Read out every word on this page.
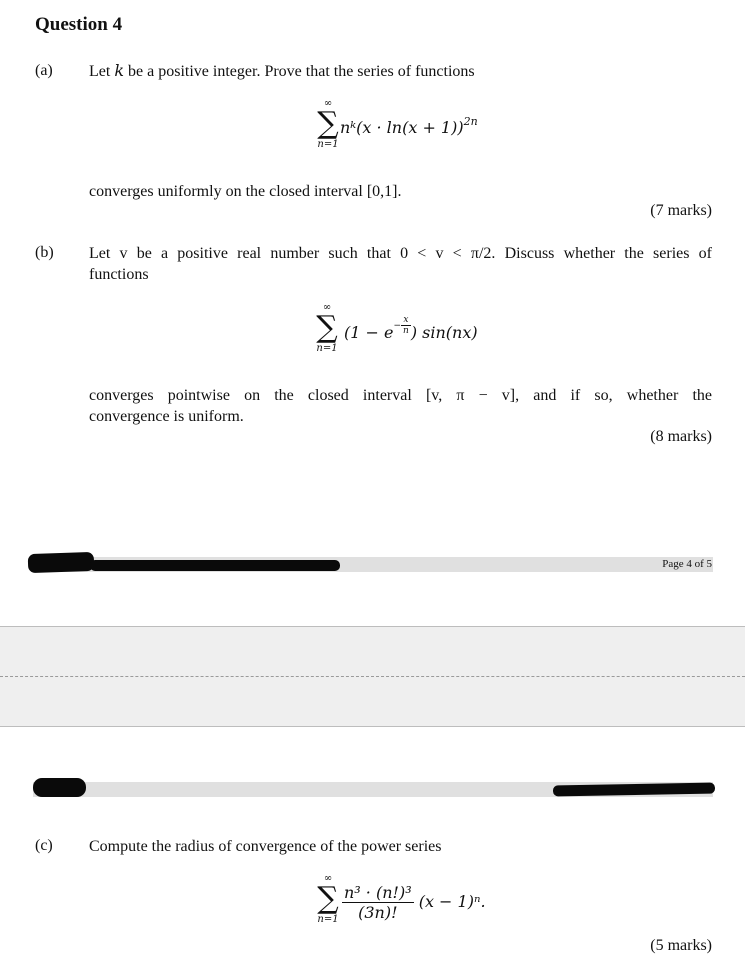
Question 4
(a) Let k be a positive integer. Prove that the series of functions
∞
∑
n=1
nᵏ(x · ln(x + 1))$^{2n}$
converges uniformly on the closed interval [0,1].
(7 marks)
(b) Let v be a positive real number such that 0 < v < π/2. Discuss whether the series of
functions
∞
∑
n=1
($1 - e- \frac{x}{n}$ ) sin(nx)
converges pointwise on the closed interval [v, π − v], and if so, whether the
convergence is uniform.
(8 marks)
Page 4 of 5
(c) Compute the radius of convergence of the power series
∞
∑
$n=1 \frac{\text{n³ · (n!)³}}{(3n)!} (x - 1)^n$.
(5 marks)
